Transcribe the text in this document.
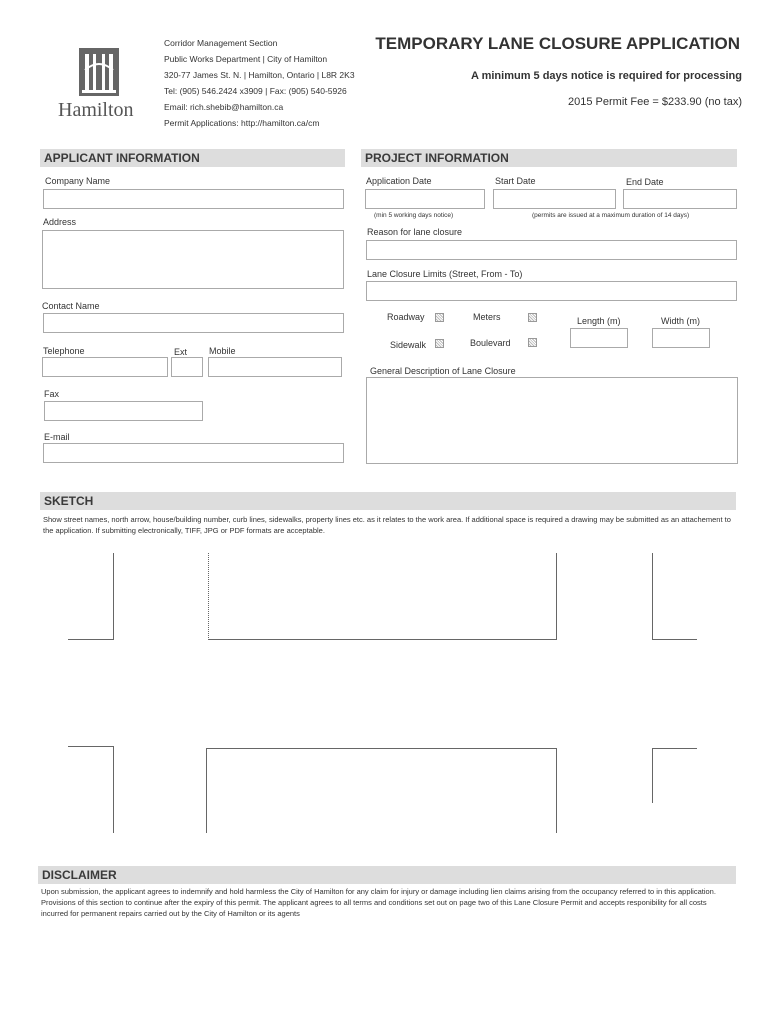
Hamilton
Corridor Management Section
Public Works Department | City of Hamilton
320-77 James St. N. | Hamilton, Ontario | L8R 2K3
Tel: (905) 546.2424 x3909 | Fax: (905) 540-5926
Email: rich.shebib@hamilton.ca
Permit Applications: http://hamilton.ca/cm
TEMPORARY LANE CLOSURE APPLICATION
A minimum 5 days notice is required for processing
2015 Permit Fee = $233.90 (no tax)
APPLICANT INFORMATION
Company Name
Address
Contact Name
Telephone	Ext Mobile
Fax
E-mail
PROJECT INFORMATION
Application Date	Start Date	End Date
(min 5 working days notice)	(permits are issued at a maximum duration of 14 days)
Reason for lane closure
Lane Closure Limits (Street, From - To)
Roadway	Meters	Length (m)	Width (m)
Sidewalk	Boulevard
General Description of Lane Closure
SKETCH
Show street names, north arrow, house/building number, curb lines, sidewalks, property lines etc. as it relates to the work area. If additional space is required a drawing may be submitted as an attachement to the application. If submitting electronically, TIFF, JPG or PDF formats are acceptable.
DISCLAIMER
Upon submission, the applicant agrees to indemnify and hold harmless the City of Hamilton for any claim for injury or damage including lien claims arising from the occupancy referred to in this application. Provisions of this section to continue after the expiry of this permit. The applicant agrees to all terms and conditions set out on page two of this Lane Closure Permit and accepts responibility for all costs incurred for permanent repairs carried out by the City of Hamilton or its agents
